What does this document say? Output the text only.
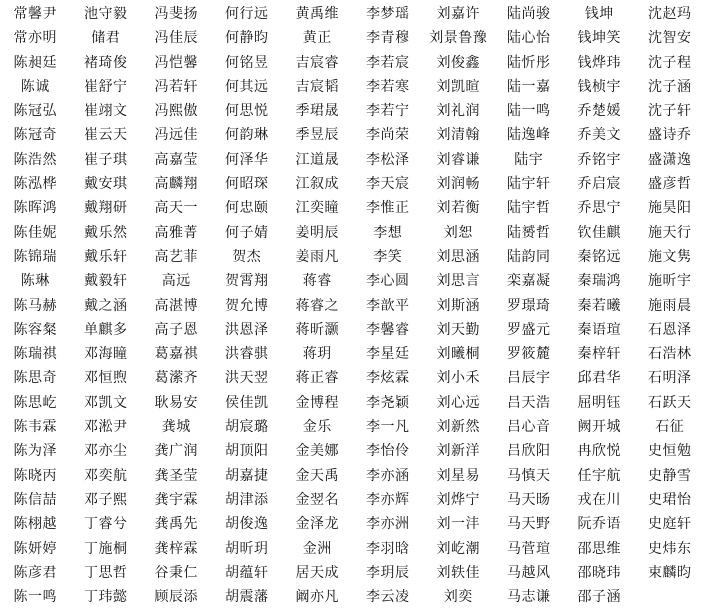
常馨尹	池守毅	冯斐扬	何行远	黄禹维	李梦瑶	刘嘉许	陆尚骏	钱坤	沈赵玛
常亦明	储君	冯佳辰	何静昀	黄正	李青穆	刘景鲁豫	陆心怡	钱坤笑	沈智安
陈昶廷	褚琦俊	冯恺馨	何铭昱	吉宸睿	李若宸	刘俊鑫	陆忻彤	钱烨玮	沈子程
陈诚	崔舒宁	冯若轩	何其远	吉宸韬	李若寒	刘凯暄	陆一嘉	钱桢宇	沈子涵
陈冠弘	崔翊文	冯熙傲	何思悦	季珺晟	李若宁	刘礼润	陆一鸣	乔楚媛	沈子轩
陈冠奇	崔云天	冯远佳	何韵琳	季昱辰	李尚荣	刘清翰	陆逸峰	乔美文	盛诗乔
陈浩然	崔子琪	高嘉莹	何泽华	江道晟	李松泽	刘睿谦	陆宇	乔铭宇	盛潇逸
陈泓桦	戴安琪	高麟翔	何昭琛	江叙成	李天宸	刘润畅	陆宇轩	乔启宸	盛彦哲
陈晖鸿	戴翔研	高天一	何忠颐	江奕瞳	李惟正	刘若衡	陆宇哲	乔思宁	施昊阳
陈佳妮	戴乐然	高雅菁	何子婧	姜明辰	李想	刘恕	陆赟哲	钦佳麒	施天行
陈锦瑞	戴乐轩	高艺菲	贺杰	姜雨凡	李笑	刘思涵	陆韵同	秦铭远	施文隽
陈琳	戴毅轩	高远	贺霄翔	蒋睿	李心圆	刘思言	栾嘉凝	秦瑞鸿	施昕宇
陈马赫	戴之涵	高湛博	贺允博	蒋睿之	李歆平	刘斯涵	罗璟琦	秦若曦	施雨晨
陈容粲	单麒多	高子恩	洪恩泽	蒋昕灏	李馨睿	刘天勤	罗盛元	秦语瑄	石恩泽
陈瑞祺	邓海瞳	葛嘉祺	洪睿骐	蒋玥	李星廷	刘曦桐	罗筱麓	秦梓轩	石浩林
陈思奇	邓恒煦	葛潆齐	洪天翌	蒋正睿	李炫霖	刘小禾	吕辰宇	邱君华	石明泽
陈思屹	邓凯文	耿易安	侯佳凯	金博程	李尧颖	刘心远	吕天浩	屈明钰	石跃天
陈韦霖	邓淞尹	龚城	胡宸璐	金乐	李一凡	刘新然	吕心音	阙开城	石征
陈为泽	邓亦尘	龚广润	胡顶阳	金美娜	李怡伶	刘新洋	吕欣阳	冉欣悦	史恒勉
陈晓丙	邓奕航	龚圣莹	胡嘉捷	金天禹	李亦涵	刘星易	马慎天	任宇航	史静雪
陈信喆	邓子熙	龚宇霖	胡津添	金翌名	李亦辉	刘烨宁	马天旸	戎在川	史珺怡
陈栩越	丁睿兮	龚禹先	胡俊逸	金泽龙	李亦洲	刘一沣	马天野	阮乔语	史庭轩
陈妍婷	丁施桐	龚梓霖	胡昕玥	金洲	李羽晗	刘屹潮	马菅瑄	邵思维	史炜东
陈彦君	丁思哲	谷秉仁	胡蕴轩	居天成	李玥辰	刘轶佳	马越风	邵晓玮	束麟昀
陈一鸣	丁玮懿	顾辰添	胡震藩	阚亦凡	李云凌	刘奕	马志谦	邵子涵
